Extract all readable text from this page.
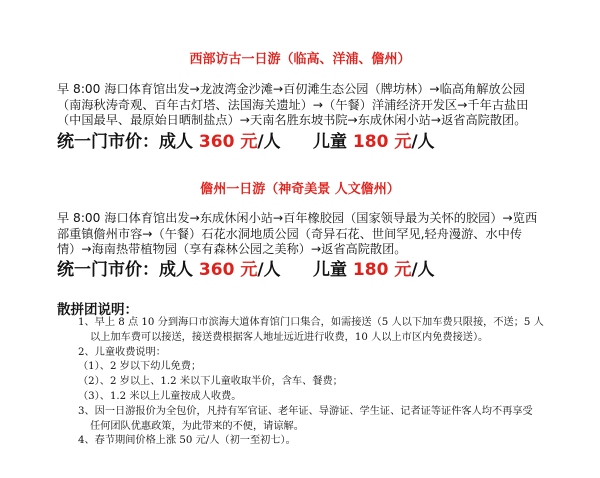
西部访古一日游（临高、洋浦、儋州）

早 8:00 海口体育馆出发→龙波湾金沙滩→百仞滩生态公园（牌坊林）→临高角解放公园

（南海秋涛奇观、百年古灯塔、法国海关遗址）→（午餐）洋浦经济开发区→千年古盐田

（中国最早、最原始日晒制盐点）→天南名胜东坡书院→东成休闲小站→返省高院散团。

统一门市价：成人 360 元/人 儿童 180 元/人
儋州一日游（神奇美景 人文儋州）

早 8:00 海口体育馆出发→东成休闲小站→百年橡胶园（国家领导最为关怀的胶园）→览西

部重镇儋州市容→（午餐）石花水洞地质公园（奇异石花、世间罕见,轻舟漫游、水中传

情）→海南热带植物园（享有森林公园之美称）→返省高院散团。

统一门市价：成人 360 元/人 儿童 180 元/人
散拼团说明：

1、早上 8 点 10 分到海口市滨海大道体育馆门口集合，如需接送（5 人以下加车费只限接，不送；5 人

以上加车费可以接送，接送费根据客人地址远近进行收费，10 人以上市区内免费接送）。

2、儿童收费说明：

（1）、2 岁以下幼儿免费；

（2）、2 岁以上、1.2 米以下儿童收取半价，含车、餐费；

（3）、1.2 米以上儿童按成人收费。

3、因一日游报价为全包价，凡持有军官证、老年证、导游证、学生证、记者证等证件客人均不再享受

任何团队优惠政策，为此带来的不便，请谅解。

4、春节期间价格上涨 50 元/人（初一至初七）。
